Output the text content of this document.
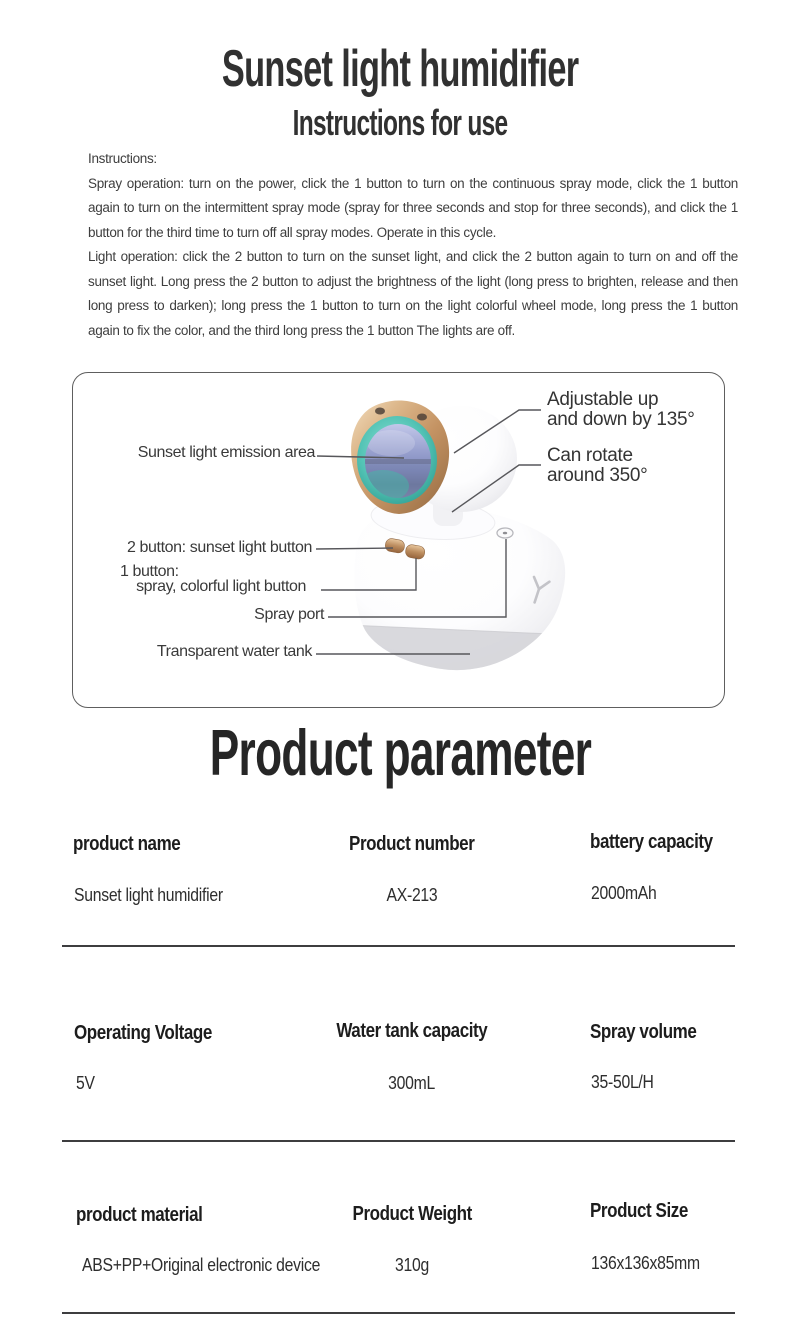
Sunset light humidifier
Instructions for use

Instructions:

Spray operation: turn on the power, click the 1 button to turn on the continuous spray mode, click the 1 button again to turn on the intermittent spray mode (spray for three seconds and stop for three seconds), and click the 1 button for the third time to turn off all spray modes. Operate in this cycle.

Light operation: click the 2 button to turn on the sunset light, and click the 2 button again to turn on and off the sunset light. Long press the 2 button to adjust the brightness of the light (long press to brighten, release and then long press to darken); long press the 1 button to turn on the light colorful wheel mode, long press the 1 button again to fix the color, and the third long press the 1 button The lights are off.

Sunset light emission area
Adjustable up
and down by 135°
Can rotate
around 350°
2 button: sunset light button
1 button:
spray, colorful light button
Spray port
Transparent water tank
Product parameter
product name	Product number	battery capacity
Sunset light humidifier	AX-213	2000mAh
Operating Voltage	Water tank capacity	Spray volume
5V	300mL	35-50L/H
product material	Product Weight	Product Size
ABS+PP+Original electronic device	310g	136x136x85mm
